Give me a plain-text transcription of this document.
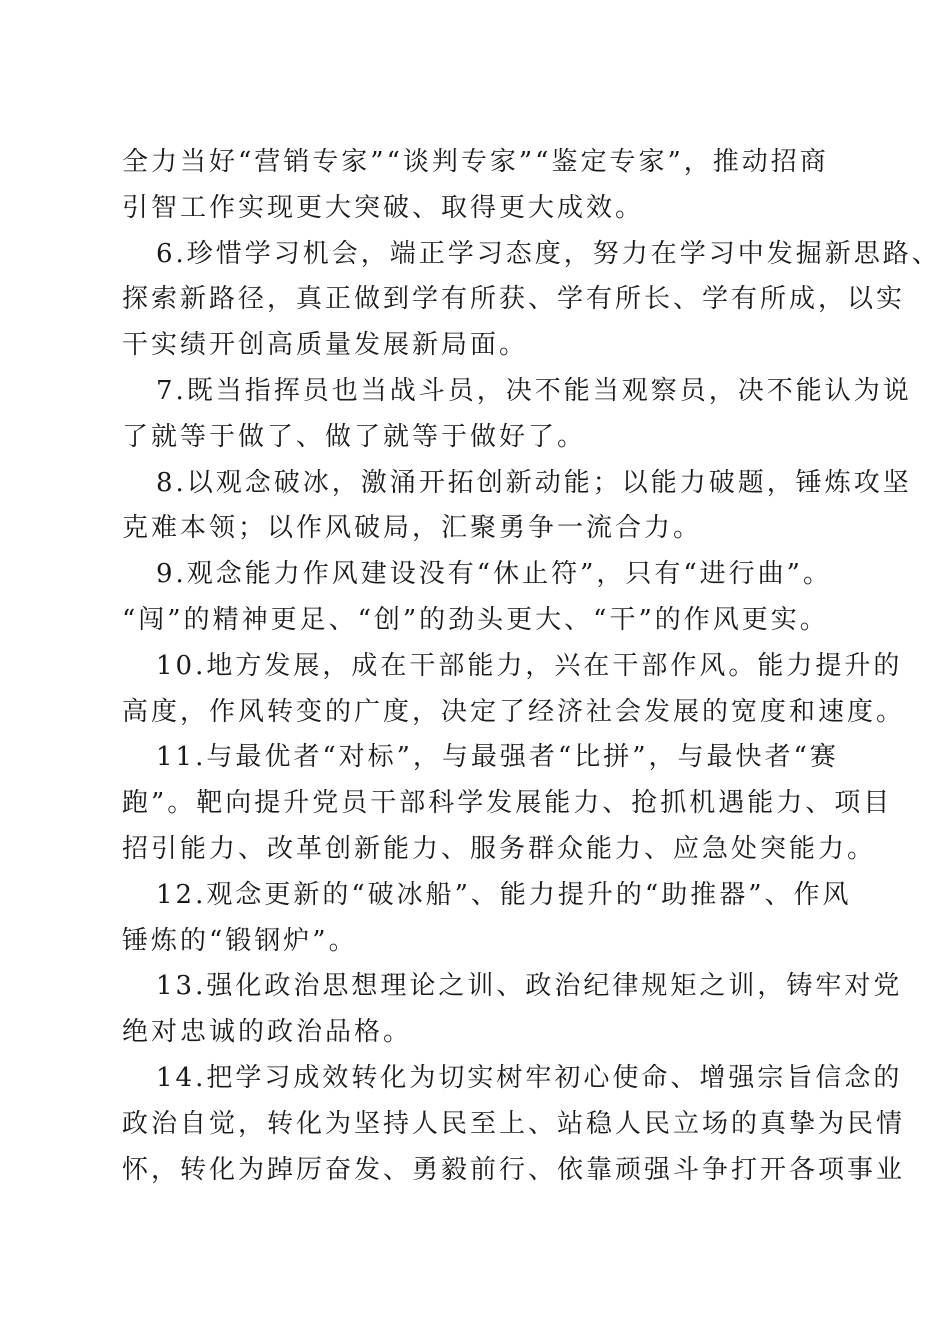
全力当好“营销专家”“谈判专家”“鉴定专家”，推动招商
引智工作实现更大突破、取得更大成效。
6.珍惜学习机会，端正学习态度，努力在学习中发掘新思路、
探索新路径，真正做到学有所获、学有所长、学有所成，以实
干实绩开创高质量发展新局面。
7.既当指挥员也当战斗员，决不能当观察员，决不能认为说
了就等于做了、做了就等于做好了。
8.以观念破冰，激涌开拓创新动能；以能力破题，锤炼攻坚
克难本领；以作风破局，汇聚勇争一流合力。
9.观念能力作风建设没有“休止符”，只有“进行曲”。
“闯”的精神更足、“创”的劲头更大、“干”的作风更实。
10.地方发展，成在干部能力，兴在干部作风。能力提升的
高度，作风转变的广度，决定了经济社会发展的宽度和速度。
11.与最优者“对标”，与最强者“比拼”，与最快者“赛
跑”。靶向提升党员干部科学发展能力、抢抓机遇能力、项目
招引能力、改革创新能力、服务群众能力、应急处突能力。
12.观念更新的“破冰船”、能力提升的“助推器”、作风
锤炼的“锻钢炉”。
13.强化政治思想理论之训、政治纪律规矩之训，铸牢对党
绝对忠诚的政治品格。
14.把学习成效转化为切实树牢初心使命、增强宗旨信念的
政治自觉，转化为坚持人民至上、站稳人民立场的真挚为民情
怀，转化为踔厉奋发、勇毅前行、依靠顽强斗争打开各项事业
